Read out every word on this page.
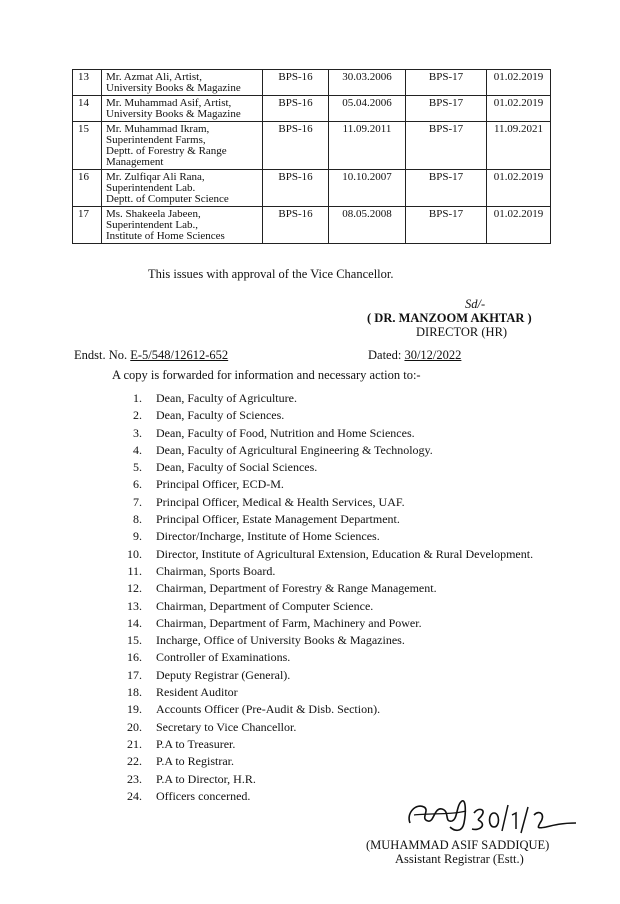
13	Mr. Azmat Ali, Artist,
University Books & Magazine	BPS-16	30.03.2006	BPS-17	01.02.2019
14	Mr. Muhammad Asif, Artist,
University Books & Magazine	BPS-16	05.04.2006	BPS-17	01.02.2019
15	Mr. Muhammad Ikram,
Superintendent Farms,
Deptt. of Forestry & Range
Management	BPS-16	11.09.2011	BPS-17	11.09.2021
16	Mr. Zulfiqar Ali Rana,
Superintendent Lab.
Deptt. of Computer Science	BPS-16	10.10.2007	BPS-17	01.02.2019
17	Ms. Shakeela Jabeen,
Superintendent Lab.,
Institute of Home Sciences	BPS-16	08.05.2008	BPS-17	01.02.2019
This issues with approval of the Vice Chancellor.
Sd/-
( DR. MANZOOM AKHTAR )
DIRECTOR (HR)
Endst. No. E-5/548/12612-652	Dated: 30/12/2022
A copy is forwarded for information and necessary action to:-
1. Dean, Faculty of Agriculture.
2. Dean, Faculty of Sciences.
3. Dean, Faculty of Food, Nutrition and Home Sciences.
4. Dean, Faculty of Agricultural Engineering & Technology.
5. Dean, Faculty of Social Sciences.
6. Principal Officer, ECD-M.
7. Principal Officer, Medical & Health Services, UAF.
8. Principal Officer, Estate Management Department.
9. Director/Incharge, Institute of Home Sciences.
10. Director, Institute of Agricultural Extension, Education & Rural Development.
11. Chairman, Sports Board.
12. Chairman, Department of Forestry & Range Management.
13. Chairman, Department of Computer Science.
14. Chairman, Department of Farm, Machinery and Power.
15. Incharge, Office of University Books & Magazines.
16. Controller of Examinations.
17. Deputy Registrar (General).
18. Resident Auditor
19. Accounts Officer (Pre-Audit & Disb. Section).
20. Secretary to Vice Chancellor.
21. P.A to Treasurer.
22. P.A to Registrar.
23. P.A to Director, H.R.
24. Officers concerned.
(MUHAMMAD ASIF SADDIQUE)
Assistant Registrar (Estt.)
